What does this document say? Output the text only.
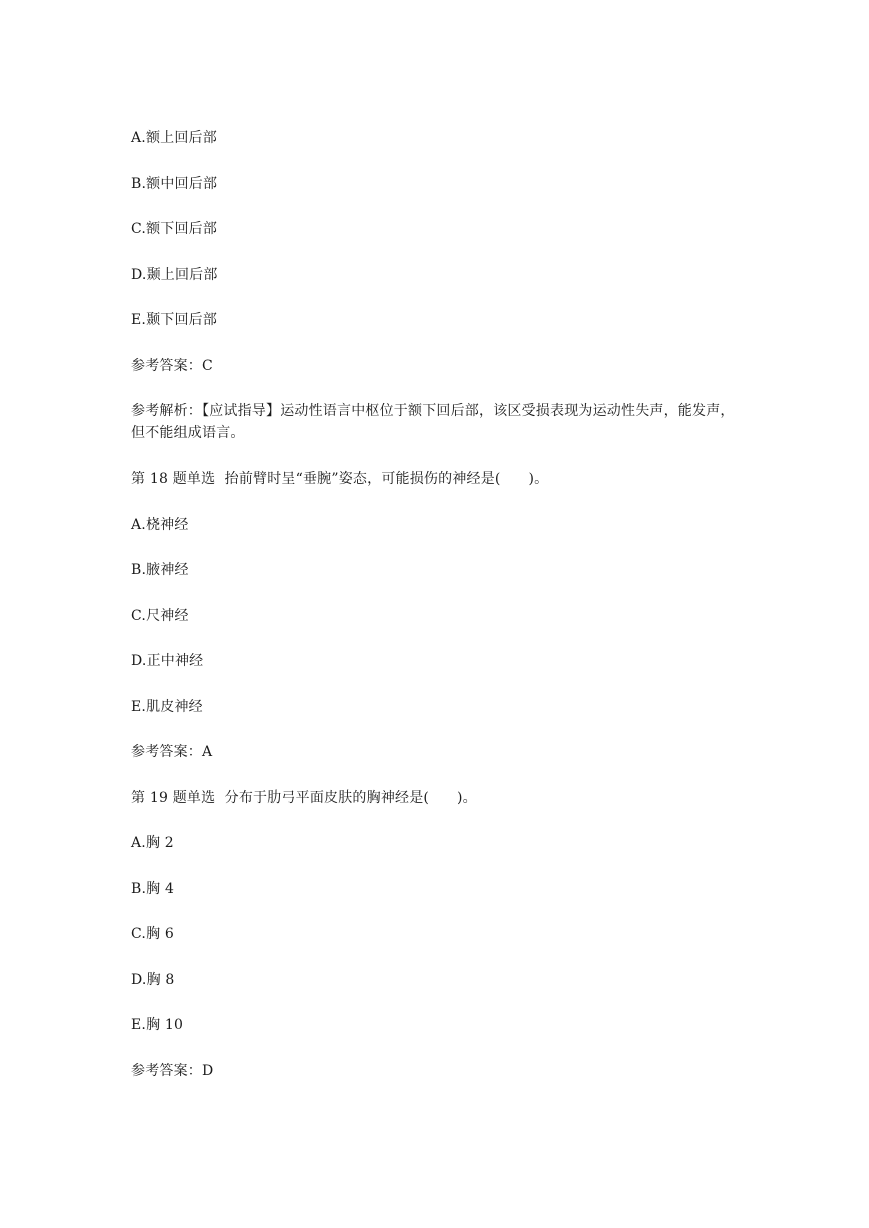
A.额上回后部
B.额中回后部
C.额下回后部
D.颞上回后部
E.颞下回后部
参考答案：C
参考解析：【应试指导】运动性语言中枢位于额下回后部，该区受损表现为运动性失声，能发声，但不能组成语言。
第 18 题单选  抬前臂时呈“垂腕”姿态，可能损伤的神经是(      )。
A.桡神经
B.腋神经
C.尺神经
D.正中神经
E.肌皮神经
参考答案：A
第 19 题单选  分布于肋弓平面皮肤的胸神经是(      )。
A.胸 2
B.胸 4
C.胸 6
D.胸 8
E.胸 10
参考答案：D
